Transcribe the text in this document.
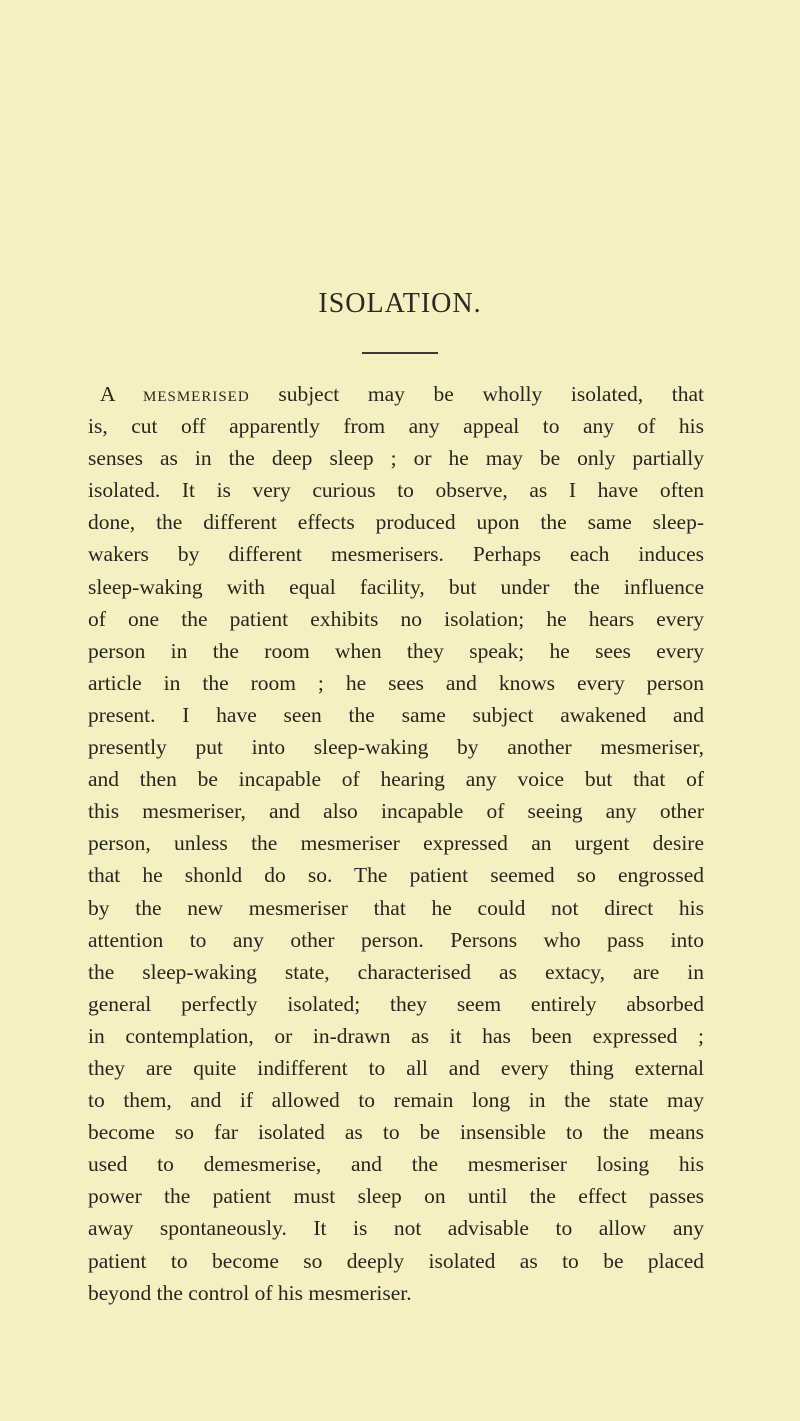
ISOLATION.
A mesmerised subject may be wholly isolated, that
is, cut off apparently from any appeal to any of his
senses as in the deep sleep ; or he may be only partially
isolated. It is very curious to observe, as I have often
done, the different effects produced upon the same sleep-
wakers by different mesmerisers. Perhaps each induces
sleep-waking with equal facility, but under the influence
of one the patient exhibits no isolation; he hears every
person in the room when they speak; he sees every
article in the room ; he sees and knows every person
present. I have seen the same subject awakened and
presently put into sleep-waking by another mesmeriser,
and then be incapable of hearing any voice but that of
this mesmeriser, and also incapable of seeing any other
person, unless the mesmeriser expressed an urgent desire
that he shonld do so. The patient seemed so engrossed
by the new mesmeriser that he could not direct his
attention to any other person. Persons who pass into
the sleep-waking state, characterised as extacy, are in
general perfectly isolated; they seem entirely absorbed
in contemplation, or in-drawn as it has been expressed ;
they are quite indifferent to all and every thing external
to them, and if allowed to remain long in the state may
become so far isolated as to be insensible to the means
used to demesmerise, and the mesmeriser losing his
power the patient must sleep on until the effect passes
away spontaneously. It is not advisable to allow any
patient to become so deeply isolated as to be placed
beyond the control of his mesmeriser.
